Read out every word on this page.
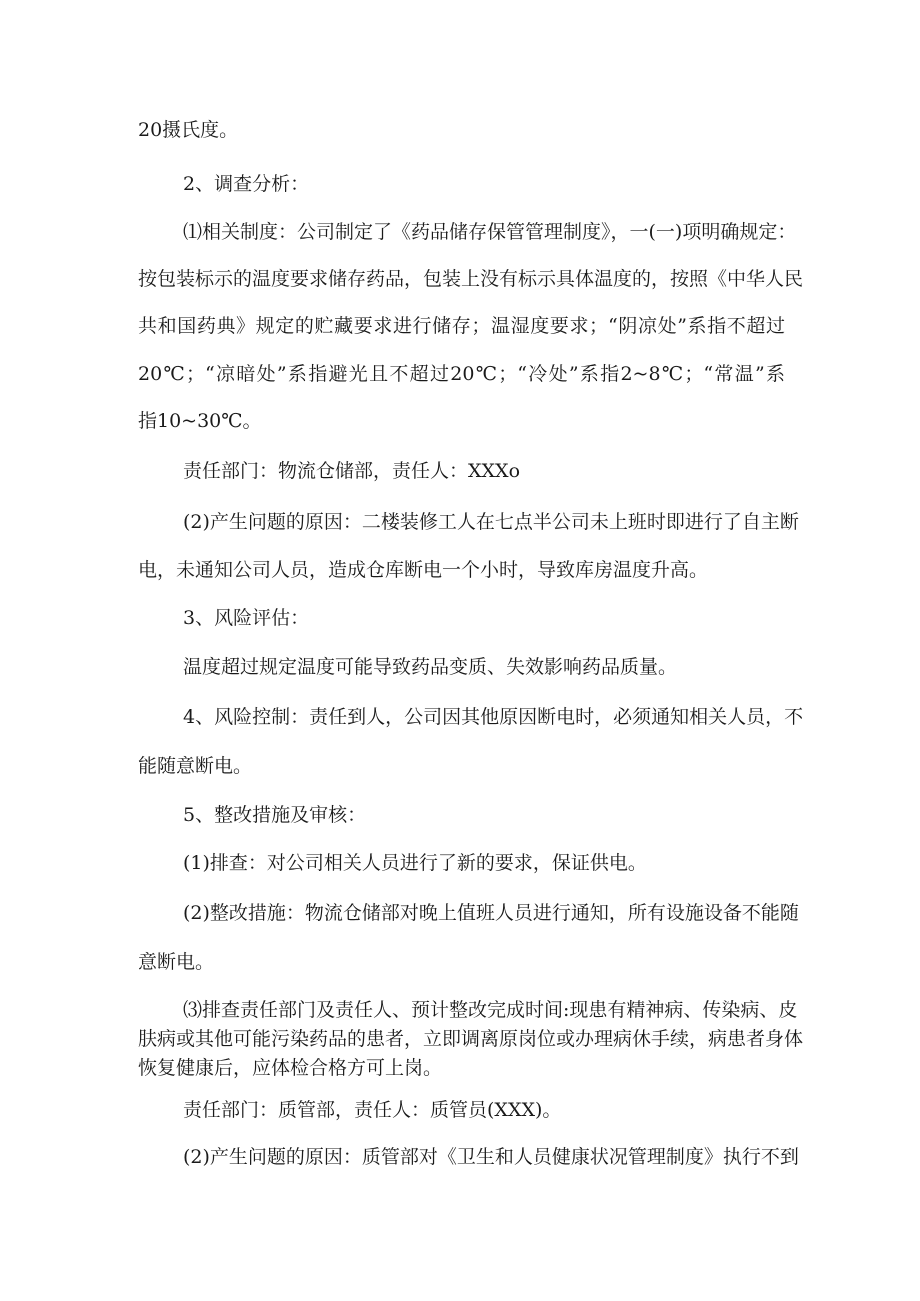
20摄氏度。
2、调查分析：
⑴相关制度：公司制定了《药品储存保管管理制度》，一(一)项明确规定：
按包装标示的温度要求储存药品，包装上没有标示具体温度的，按照《中华人民
共和国药典》规定的贮藏要求进行储存；温湿度要求；“阴凉处”系指不超过
20℃；“凉暗处”系指避光且不超过20℃；“冷处”系指2~8℃；“常温”系
指10~30℃。
责任部门：物流仓储部，责任人：XXXo
(2)产生问题的原因：二楼装修工人在七点半公司未上班时即进行了自主断
电，未通知公司人员，造成仓库断电一个小时，导致库房温度升高。
3、风险评估：
温度超过规定温度可能导致药品变质、失效影响药品质量。
4、风险控制：责任到人，公司因其他原因断电时，必须通知相关人员，不
能随意断电。
5、整改措施及审核：
(1)排查：对公司相关人员进行了新的要求，保证供电。
(2)整改措施：物流仓储部对晚上值班人员进行通知，所有设施设备不能随
意断电。
⑶排查责任部门及责任人、预计整改完成时间:现患有精神病、传染病、皮
肤病或其他可能污染药品的患者，立即调离原岗位或办理病休手续，病患者身体
恢复健康后，应体检合格方可上岗。
责任部门：质管部，责任人：质管员(XXX)。
(2)产生问题的原因：质管部对《卫生和人员健康状况管理制度》执行不到
